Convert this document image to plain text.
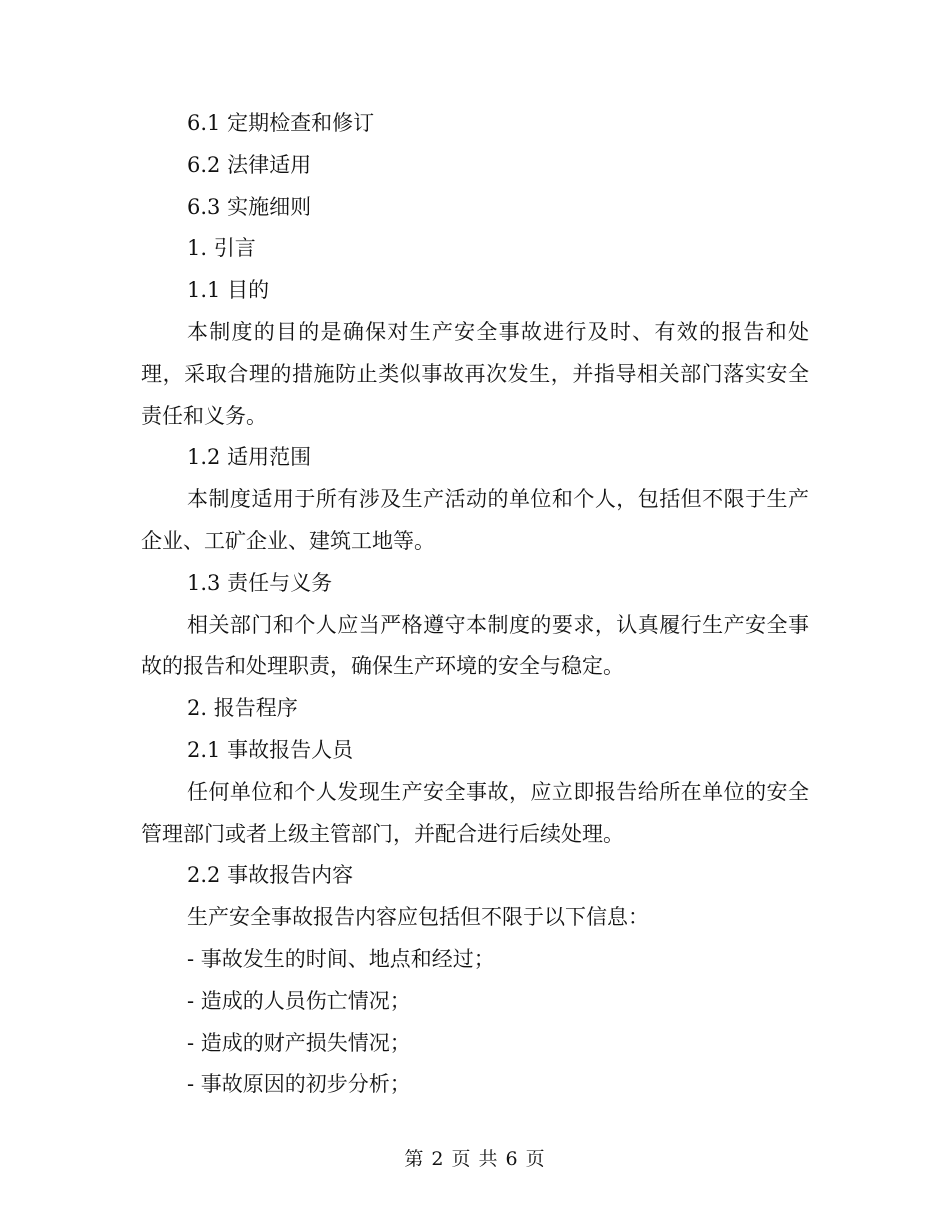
6.1 定期检查和修订

6.2 法律适用

6.3 实施细则

1. 引言

1.1 目的

本制度的目的是确保对生产安全事故进行及时、有效的报告和处理，采取合理的措施防止类似事故再次发生，并指导相关部门落实安全责任和义务。

1.2 适用范围

本制度适用于所有涉及生产活动的单位和个人，包括但不限于生产企业、工矿企业、建筑工地等。

1.3 责任与义务

相关部门和个人应当严格遵守本制度的要求，认真履行生产安全事故的报告和处理职责，确保生产环境的安全与稳定。

2. 报告程序

2.1 事故报告人员

任何单位和个人发现生产安全事故，应立即报告给所在单位的安全管理部门或者上级主管部门，并配合进行后续处理。

2.2 事故报告内容

生产安全事故报告内容应包括但不限于以下信息：

- 事故发生的时间、地点和经过；

- 造成的人员伤亡情况；

- 造成的财产损失情况；

- 事故原因的初步分析；

第 2 页 共 6 页
